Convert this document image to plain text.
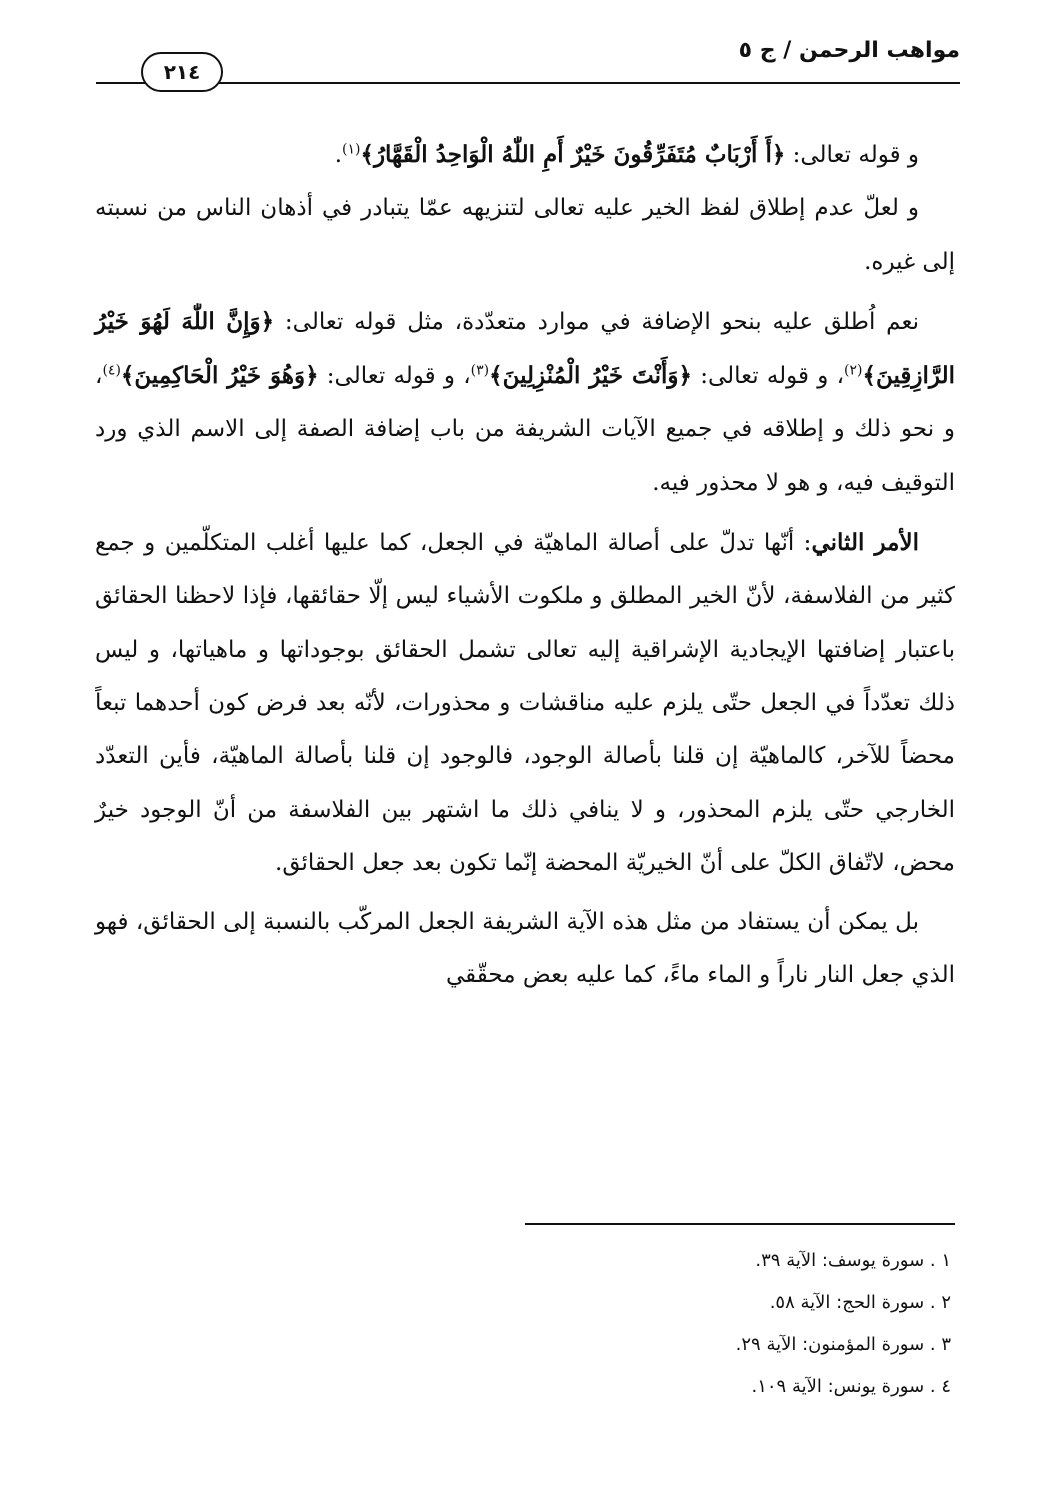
مواهب الرحمن / ج ٥
٢١٤

و قوله تعالى: ﴿أَ أَرْبَابٌ مُتَفَرِّقُونَ خَيْرٌ أَمِ اللّٰهُ الْوَاحِدُ الْقَهَّارُ﴾$^{(١)}$.

و لعلّ عدم إطلاق لفظ الخير عليه تعالى لتنزيهه عمّا يتبادر في أذهان الناس من نسبته إلى غيره.

نعم اُطلق عليه بنحو الإضافة في موارد متعدّدة، مثل قوله تعالى: ﴿وَإِنَّ اللّٰهَ لَهُوَ خَيْرُ الرَّازِقِينَ﴾$^{(٢)}$، و قوله تعالى: ﴿وَأَنْتَ خَيْرُ الْمُنْزِلِينَ﴾$^{(٣)}$، و قوله تعالى: ﴿وَهُوَ خَيْرُ الْحَاكِمِينَ﴾$^{(٤)}$، و نحو ذلك و إطلاقه في جميع الآيات الشريفة من باب إضافة الصفة إلى الاسم الذي ورد التوقيف فيه، و هو لا محذور فيه.

الأمر الثاني: أنّها تدلّ على أصالة الماهيّة في الجعل، كما عليها أغلب المتكلّمين و جمع كثير من الفلاسفة، لأنّ الخير المطلق و ملكوت الأشياء ليس إلّا حقائقها، فإذا لاحظنا الحقائق باعتبار إضافتها الإيجادية الإشراقية إليه تعالى تشمل الحقائق بوجوداتها و ماهياتها، و ليس ذلك تعدّداً في الجعل حتّى يلزم عليه مناقشات و محذورات، لأنّه بعد فرض كون أحدهما تبعاً محضاً للآخر، كالماهيّة إن قلنا بأصالة الوجود، فالوجود إن قلنا بأصالة الماهيّة، فأين التعدّد الخارجي حتّى يلزم المحذور، و لا ينافي ذلك ما اشتهر بين الفلاسفة من أنّ الوجود خيرٌ محض، لاتّفاق الكلّ على أنّ الخيريّة المحضة إنّما تكون بعد جعل الحقائق.

بل يمكن أن يستفاد من مثل هذه الآية الشريفة الجعل المركّب بالنسبة إلى الحقائق، فهو الذي جعل النار ناراً و الماء ماءً، كما عليه بعض محقّقي

١ . سورة يوسف: الآية ٣٩.
٢ . سورة الحج: الآية ٥٨.
٣ . سورة المؤمنون: الآية ٢٩.
٤ . سورة يونس: الآية ١٠٩.
